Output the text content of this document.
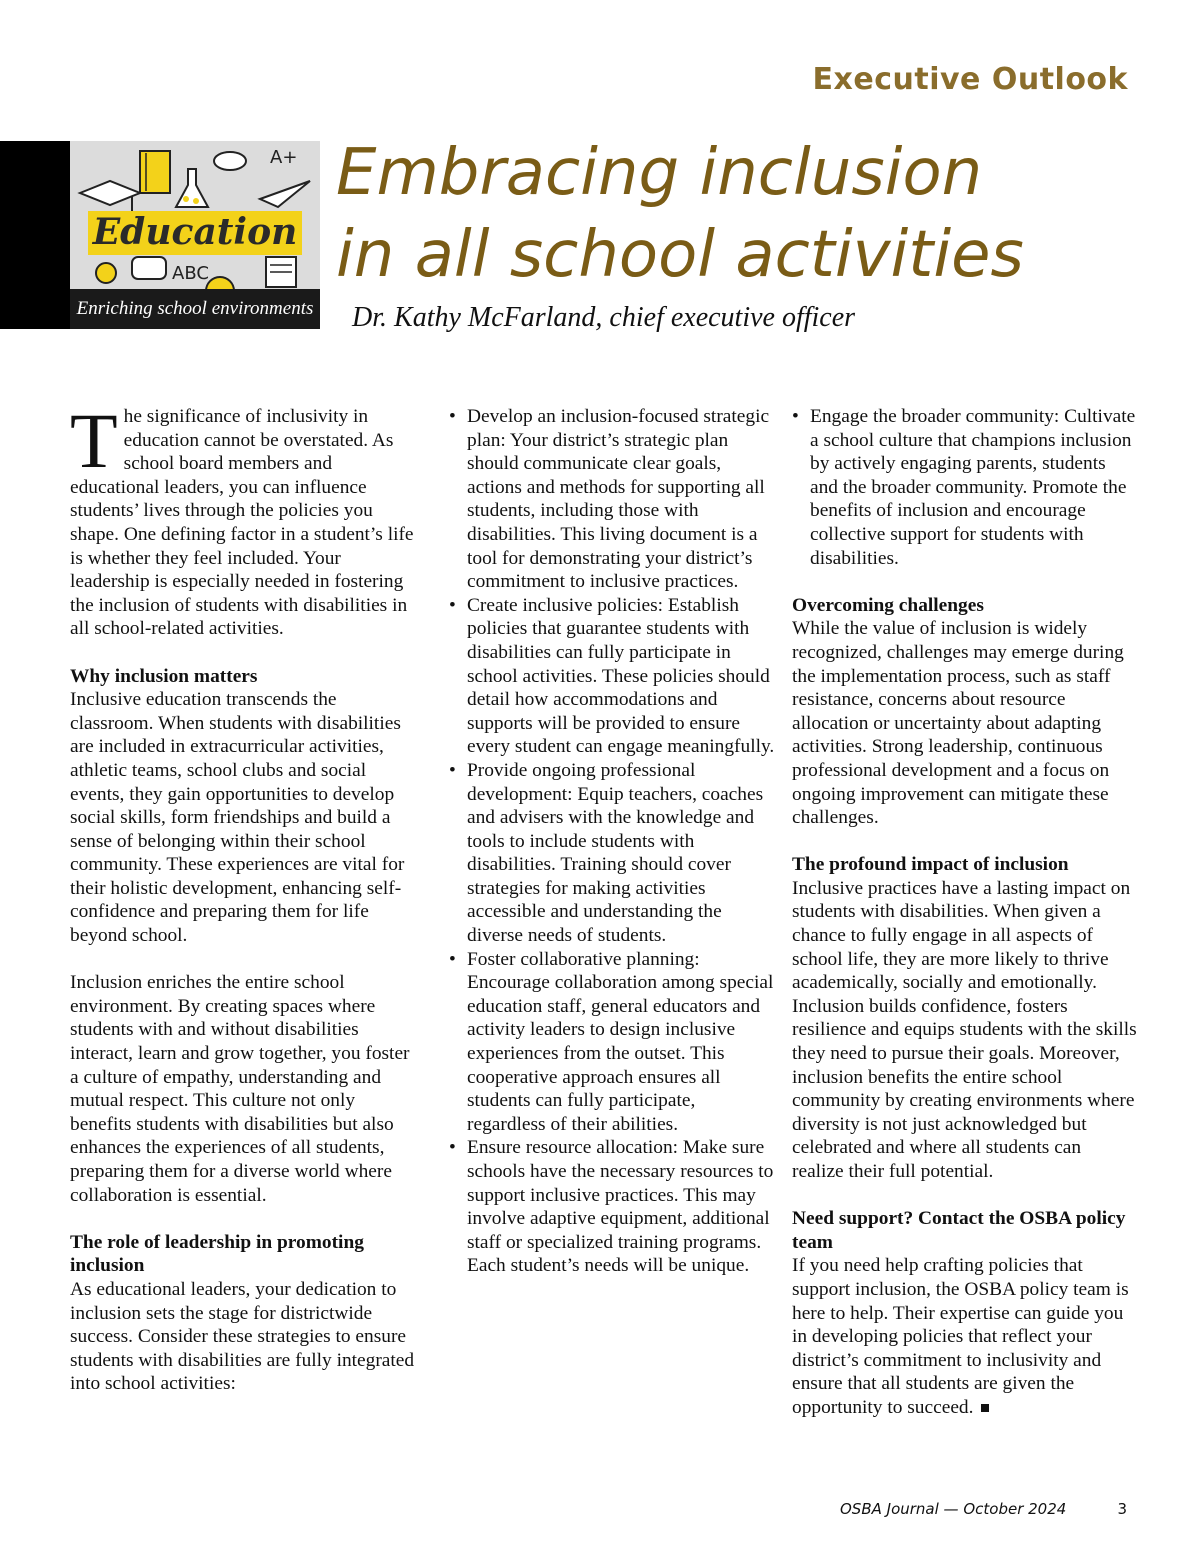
Executive Outlook
A+
ABC
Education
Enriching school environments
Embracing inclusion
in all school activities
Dr. Kathy McFarland, chief executive officer

The significance of inclusivity in education cannot be overstated. As school board members and educational leaders, you can influence students’ lives through the policies you shape. One defining factor in a student’s life is whether they feel included. Your leadership is especially needed in fostering the inclusion of students with disabilities in all school-related activities.

Why inclusion matters

Inclusive education transcends the classroom. When students with disabilities are included in extracurricular activities, athletic teams, school clubs and social events, they gain opportunities to develop social skills, form friendships and build a sense of belonging within their school community. These experiences are vital for their holistic development, enhancing self-confidence and preparing them for life beyond school.

Inclusion enriches the entire school environment. By creating spaces where students with and without disabilities interact, learn and grow together, you foster a culture of empathy, understanding and mutual respect. This culture not only benefits students with disabilities but also enhances the experiences of all students, preparing them for a diverse world where collaboration is essential.

The role of leadership in promoting inclusion

As educational leaders, your dedication to inclusion sets the stage for districtwide success. Consider these strategies to ensure students with disabilities are fully integrated into school activities:

• Develop an inclusion-focused strategic plan: Your district’s strategic plan should communicate clear goals, actions and methods for supporting all students, including those with disabilities. This living document is a tool for demonstrating your district’s commitment to inclusive practices.
• Create inclusive policies: Establish policies that guarantee students with disabilities can fully participate in school activities. These policies should detail how accommodations and supports will be provided to ensure every student can engage meaningfully.
• Provide ongoing professional development: Equip teachers, coaches and advisers with the knowledge and tools to include students with disabilities. Training should cover strategies for making activities accessible and understanding the diverse needs of students.
• Foster collaborative planning: Encourage collaboration among special education staff, general educators and activity leaders to design inclusive experiences from the outset. This cooperative approach ensures all students can fully participate, regardless of their abilities.
• Ensure resource allocation: Make sure schools have the necessary resources to support inclusive practices. This may involve adaptive equipment, additional staff or specialized training programs. Each student’s needs will be unique.
• Engage the broader community: Cultivate a school culture that champions inclusion by actively engaging parents, students and the broader community. Promote the benefits of inclusion and encourage collective support for students with disabilities.
Overcoming challenges

While the value of inclusion is widely recognized, challenges may emerge during the implementation process, such as staff resistance, concerns about resource allocation or uncertainty about adapting activities. Strong leadership, continuous professional development and a focus on ongoing improvement can mitigate these challenges.

The profound impact of inclusion

Inclusive practices have a lasting impact on students with disabilities. When given a chance to fully engage in all aspects of school life, they are more likely to thrive academically, socially and emotionally. Inclusion builds confidence, fosters resilience and equips students with the skills they need to pursue their goals. Moreover, inclusion benefits the entire school community by creating environments where diversity is not just acknowledged but celebrated and where all students can realize their full potential.

Need support? Contact the OSBA policy team

If you need help crafting policies that support inclusion, the OSBA policy team is here to help. Their expertise can guide you in developing policies that reflect your district’s commitment to inclusivity and ensure that all students are given the opportunity to succeed.

OSBA Journal — October 2024	3
